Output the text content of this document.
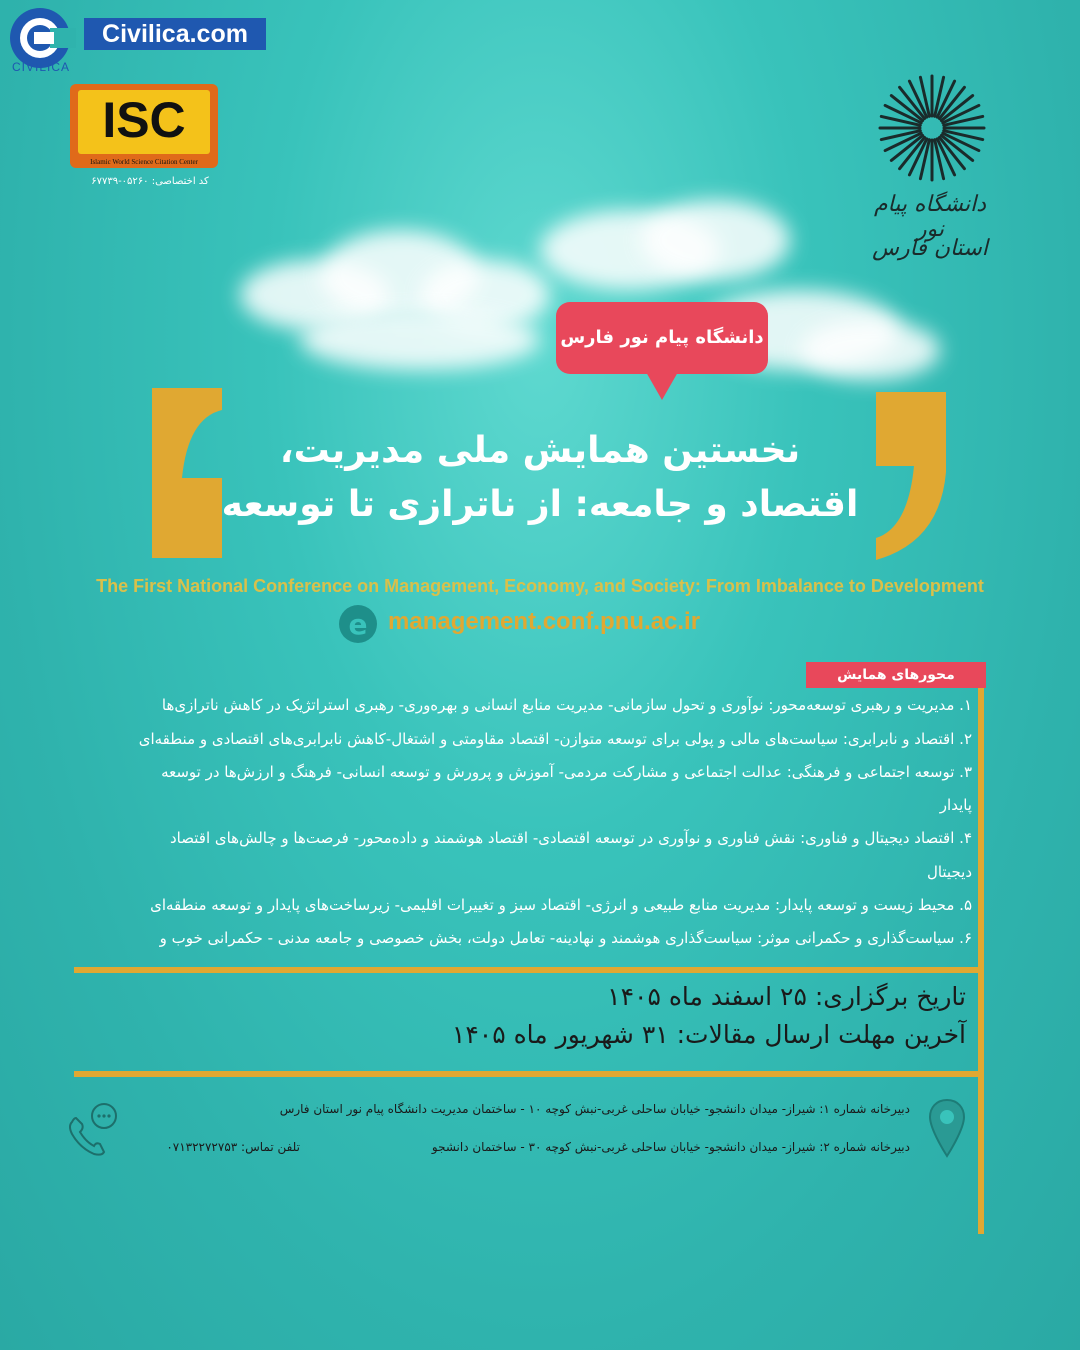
CIVILICA
Civilica.com
ISC
Islamic World Science Citation Center
کد اختصاصی: ۰۵۲۶۰-۶۷۷۳۹
دانشگاه پیام نور
استان فارس
دانشگاه پیام نور فارس
نخستین همایش ملی مدیریت،
اقتصاد و جامعه: از ناترازی تا توسعه
The First National Conference on Management, Economy, and Society: From Imbalance to Development
e management.conf.pnu.ac.ir
محورهای همایش
۱. مدیریت و رهبری توسعه‌محور: نوآوری و تحول سازمانی- مدیریت منابع انسانی و بهره‌وری- رهبری استراتژیک در کاهش ناترازی‌ها
۲. اقتصاد و نابرابری: سیاست‌های مالی و پولی برای توسعه متوازن- اقتصاد مقاومتی و اشتغال-کاهش نابرابری‌های اقتصادی و منطقه‌ای
۳. توسعه اجتماعی و فرهنگی: عدالت اجتماعی و مشارکت مردمی- آموزش و پرورش و توسعه انسانی- فرهنگ و ارزش‌ها در توسعه
پایدار
۴. اقتصاد دیجیتال و فناوری: نقش فناوری و نوآوری در توسعه اقتصادی- اقتصاد هوشمند و داده‌محور- فرصت‌ها و چالش‌های اقتصاد
دیجیتال
۵. محیط زیست و توسعه پایدار: مدیریت منابع طبیعی و انرژی- اقتصاد سبز و تغییرات اقلیمی- زیرساخت‌های پایدار و توسعه منطقه‌ای
۶. سیاست‌گذاری و حکمرانی موثر: سیاست‌گذاری هوشمند و نهادینه- تعامل دولت، بخش خصوصی و جامعه مدنی - حکمرانی خوب و
تاریخ برگزاری: ۲۵ اسفند ماه ۱۴۰۵
آخرین مهلت ارسال مقالات: ۳۱ شهریور ماه ۱۴۰۵
دبیرخانه شماره ۱: شیراز- میدان دانشجو- خیابان ساحلی غربی-نبش کوچه ۱۰ - ساختمان مدیریت دانشگاه پیام نور استان فارس
دبیرخانه شماره ۲: شیراز- میدان دانشجو- خیابان ساحلی غربی-نبش کوچه ۳۰ - ساختمان دانشجو
تلفن تماس: ۰۷۱۳۲۲۷۲۷۵۳
